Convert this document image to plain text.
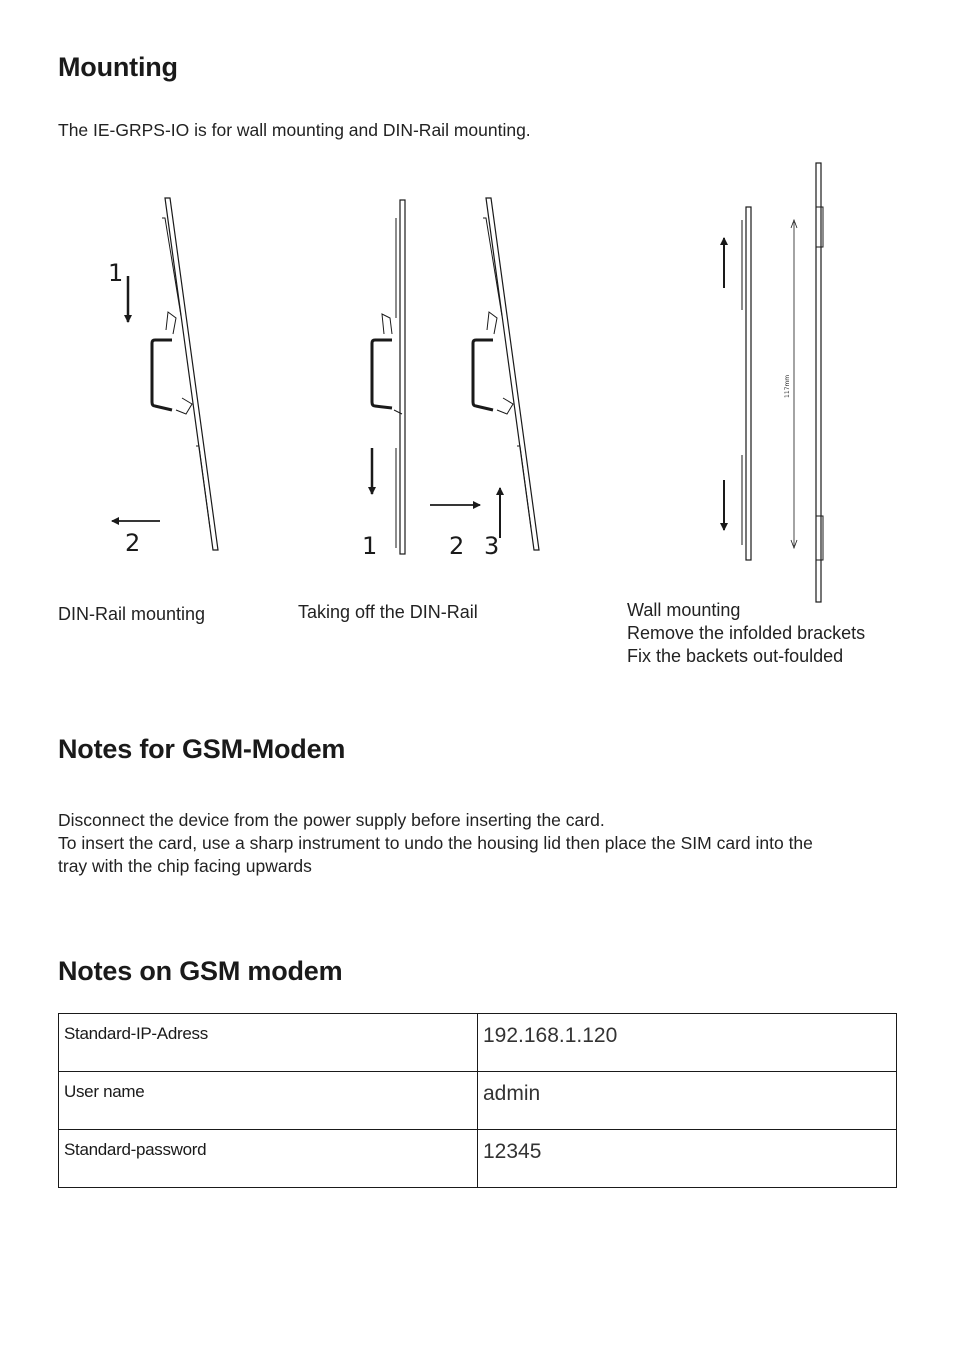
Mounting

The IE-GRPS-IO is for wall mounting and DIN-Rail mounting.

1
2	1	2 3
117mm
DIN-Rail mounting	Taking off the DIN-Rail	Wall mounting
Remove the infolded brackets
Fix the backets out-foulded
Notes for GSM-Modem

Disconnect the device from the power supply before inserting the card.
To insert the card, use a sharp instrument to undo the housing lid then place the SIM card into the
tray with the chip facing upwards

Notes on GSM modem
Standard-IP-Adress	192.168.1.120
User name	admin
Standard-password	12345
